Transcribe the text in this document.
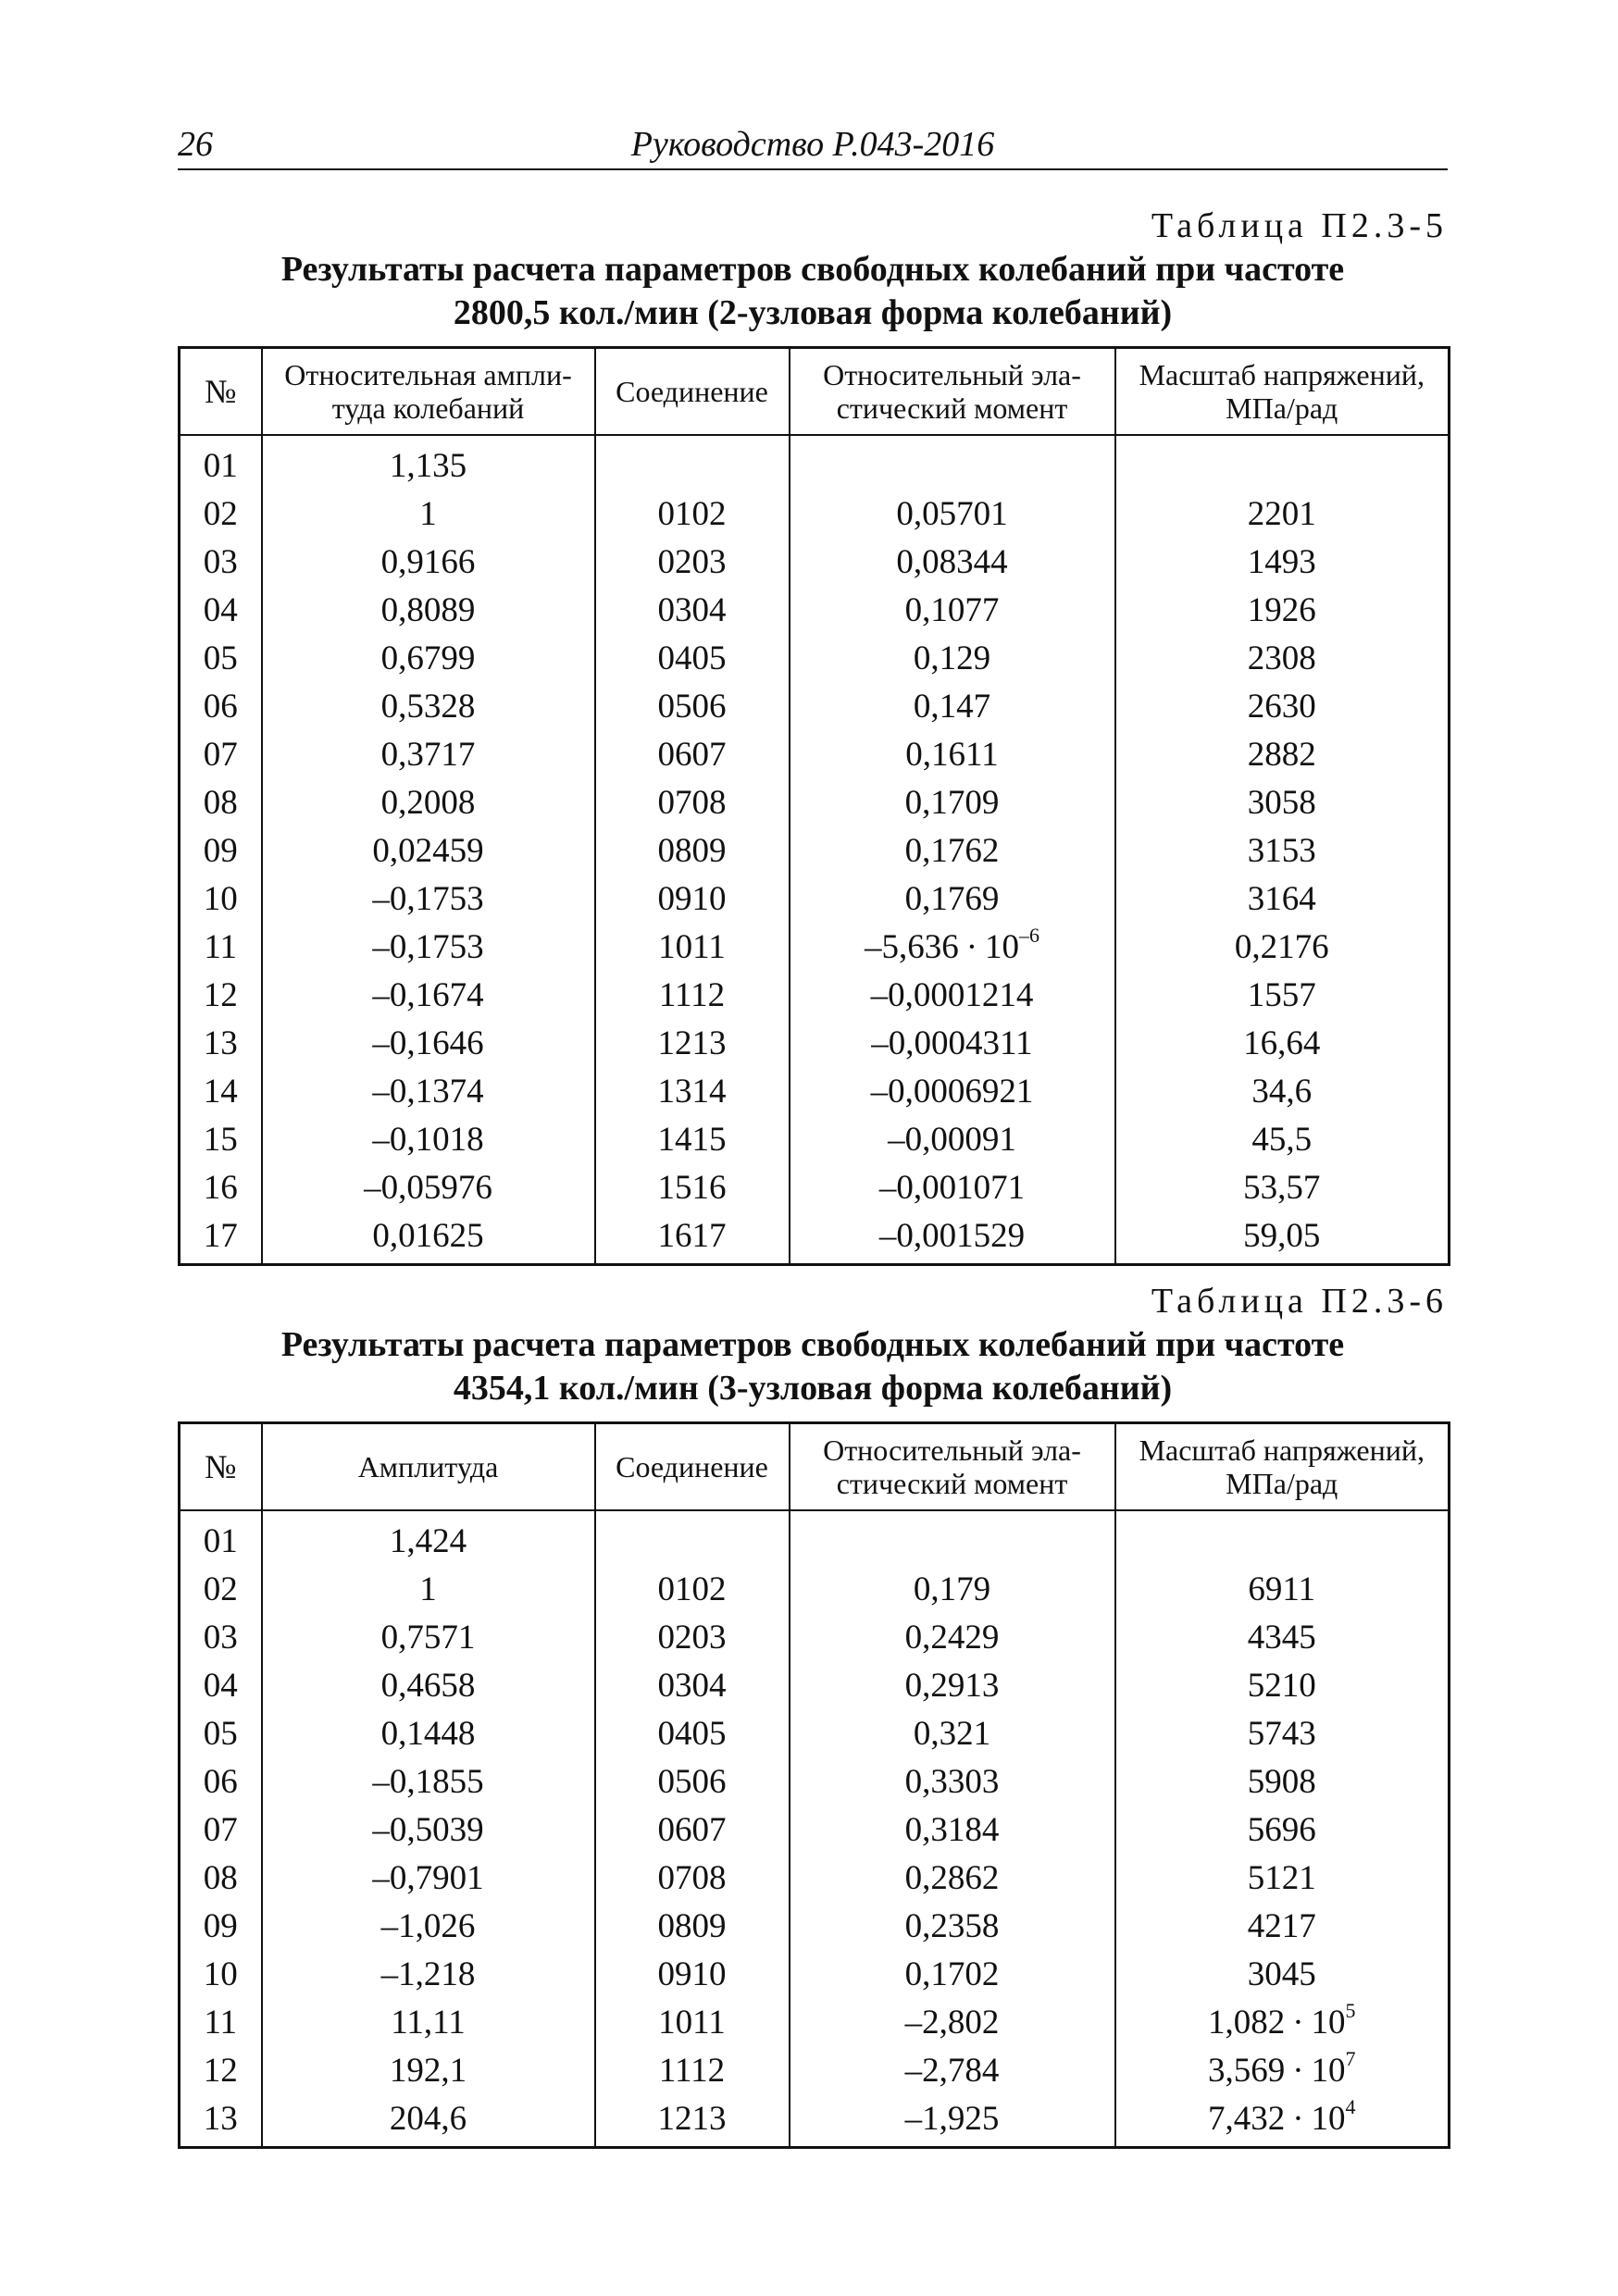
26	Руководство Р.043-2016
Таблица П2.3-5
Результаты расчета параметров свободных колебаний при частоте
2800,5 кол./мин (2-узловая форма колебаний)
№	Относительная ампли-туда колебаний	Соединение	Относительный эла-стический момент	Масштаб напряжений, МПа/рад
01	1,135			
02	1	0102	0,05701	2201
03	0,9166	0203	0,08344	1493
04	0,8089	0304	0,1077	1926
05	0,6799	0405	0,129	2308
06	0,5328	0506	0,147	2630
07	0,3717	0607	0,1611	2882
08	0,2008	0708	0,1709	3058
09	0,02459	0809	0,1762	3153
10	–0,1753	0910	0,1769	3164
11	–0,1753	1011	$-5,636 \cdot 10^{-6}$	0,2176
12	–0,1674	1112	–0,0001214	1557
13	–0,1646	1213	–0,0004311	16,64
14	–0,1374	1314	–0,0006921	34,6
15	–0,1018	1415	–0,00091	45,5
16	–0,05976	1516	–0,001071	53,57
17	0,01625	1617	–0,001529	59,05
Таблица П2.3-6
Результаты расчета параметров свободных колебаний при частоте
4354,1 кол./мин (3-узловая форма колебаний)
№	Амплитуда	Соединение	Относительный эла-стический момент	Масштаб напряжений, МПа/рад
01	1,424			
02	1	0102	0,179	6911
03	0,7571	0203	0,2429	4345
04	0,4658	0304	0,2913	5210
05	0,1448	0405	0,321	5743
06	–0,1855	0506	0,3303	5908
07	–0,5039	0607	0,3184	5696
08	–0,7901	0708	0,2862	5121
09	–1,026	0809	0,2358	4217
10	–1,218	0910	0,1702	3045
11	11,11	1011	–2,802	$1,082 \cdot 10^5$
12	192,1	1112	–2,784	$3,569 \cdot 10^7$
13	204,6	1213	–1,925	$7,432 \cdot 10^4$
